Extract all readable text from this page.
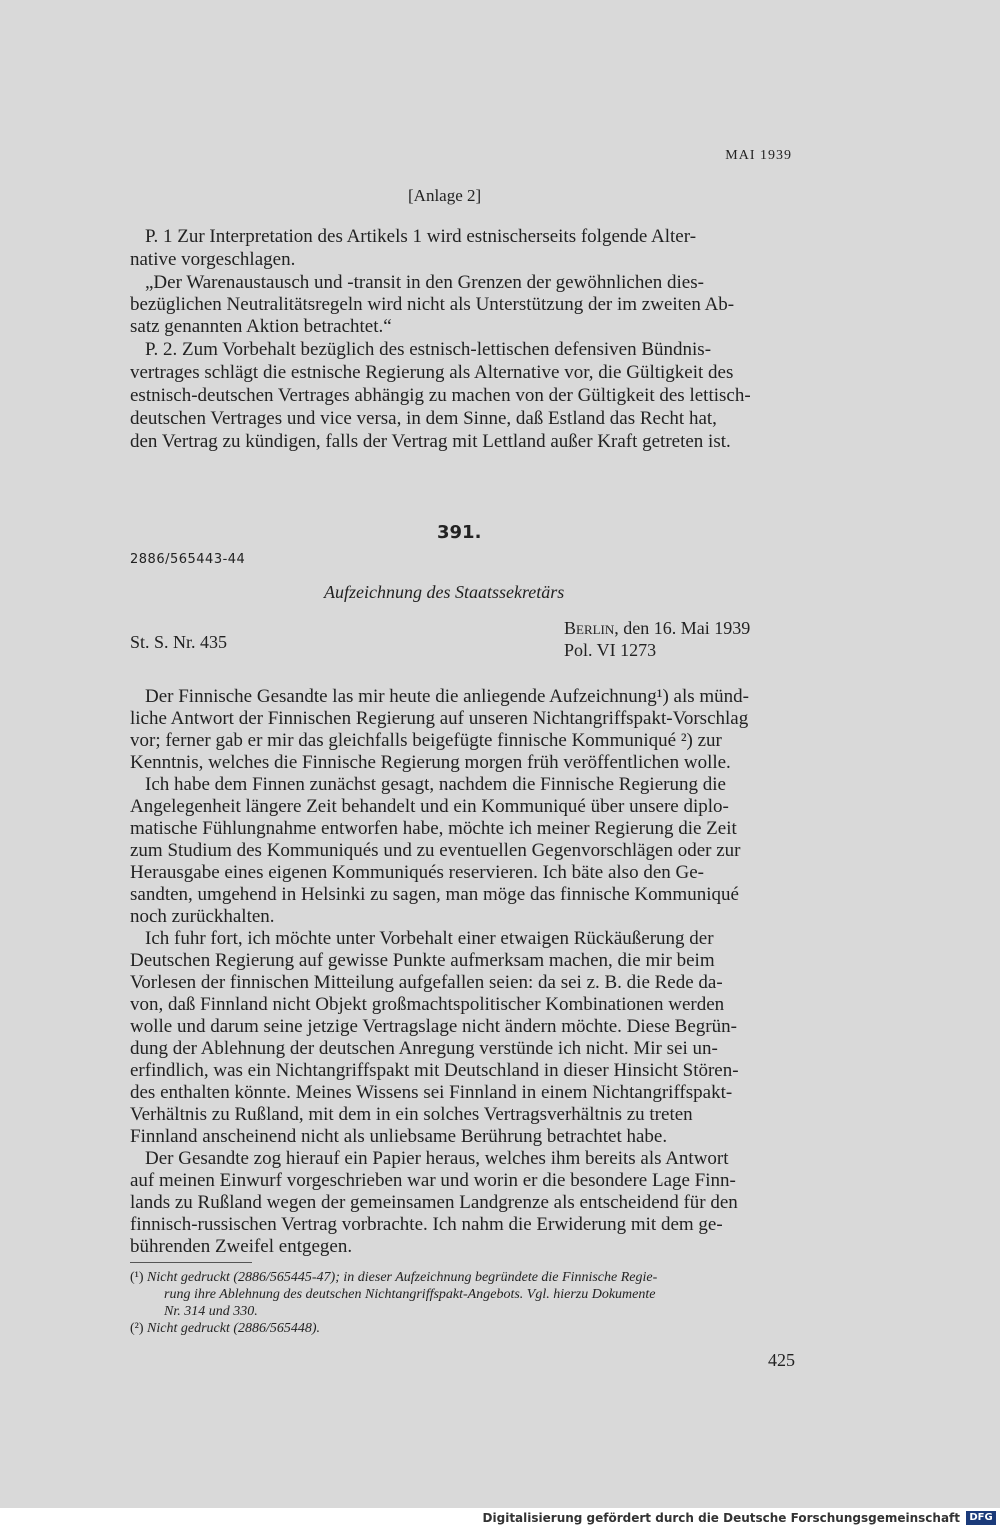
MAI 1939
[Anlage 2]
P. 1 Zur Interpretation des Artikels 1 wird estnischerseits folgende Alter-
native vorgeschlagen.
„Der Warenaustausch und -transit in den Grenzen der gewöhnlichen dies-
bezüglichen Neutralitätsregeln wird nicht als Unterstützung der im zweiten Ab-
satz genannten Aktion betrachtet.“
P. 2. Zum Vorbehalt bezüglich des estnisch-lettischen defensiven Bündnis-
vertrages schlägt die estnische Regierung als Alternative vor, die Gültigkeit des
estnisch-deutschen Vertrages abhängig zu machen von der Gültigkeit des lettisch-
deutschen Vertrages und vice versa, in dem Sinne, daß Estland das Recht hat,
den Vertrag zu kündigen, falls der Vertrag mit Lettland außer Kraft getreten ist.
391.
2886/565443-44
Aufzeichnung des Staatssekretärs
St. S. Nr. 435
Berlin, den 16. Mai 1939
Pol. VI 1273
Der Finnische Gesandte las mir heute die anliegende Aufzeichnung¹) als münd-
liche Antwort der Finnischen Regierung auf unseren Nichtangriffspakt-Vorschlag
vor; ferner gab er mir das gleichfalls beigefügte finnische Kommuniqué ²) zur
Kenntnis, welches die Finnische Regierung morgen früh veröffentlichen wolle.
Ich habe dem Finnen zunächst gesagt, nachdem die Finnische Regierung die
Angelegenheit längere Zeit behandelt und ein Kommuniqué über unsere diplo-
matische Fühlungnahme entworfen habe, möchte ich meiner Regierung die Zeit
zum Studium des Kommuniqués und zu eventuellen Gegenvorschlägen oder zur
Herausgabe eines eigenen Kommuniqués reservieren. Ich bäte also den Ge-
sandten, umgehend in Helsinki zu sagen, man möge das finnische Kommuniqué
noch zurückhalten.
Ich fuhr fort, ich möchte unter Vorbehalt einer etwaigen Rückäußerung der
Deutschen Regierung auf gewisse Punkte aufmerksam machen, die mir beim
Vorlesen der finnischen Mitteilung aufgefallen seien: da sei z. B. die Rede da-
von, daß Finnland nicht Objekt großmachtspolitischer Kombinationen werden
wolle und darum seine jetzige Vertragslage nicht ändern möchte. Diese Begrün-
dung der Ablehnung der deutschen Anregung verstünde ich nicht. Mir sei un-
erfindlich, was ein Nichtangriffspakt mit Deutschland in dieser Hinsicht Stören-
des enthalten könnte. Meines Wissens sei Finnland in einem Nichtangriffspakt-
Verhältnis zu Rußland, mit dem in ein solches Vertragsverhältnis zu treten
Finnland anscheinend nicht als unliebsame Berührung betrachtet habe.
Der Gesandte zog hierauf ein Papier heraus, welches ihm bereits als Antwort
auf meinen Einwurf vorgeschrieben war und worin er die besondere Lage Finn-
lands zu Rußland wegen der gemeinsamen Landgrenze als entscheidend für den
finnisch-russischen Vertrag vorbrachte. Ich nahm die Erwiderung mit dem ge-
bührenden Zweifel entgegen.
(¹) Nicht gedruckt (2886/565445-47); in dieser Aufzeichnung begründete die Finnische Regie-
rung ihre Ablehnung des deutschen Nichtangriffspakt-Angebots. Vgl. hierzu Dokumente
Nr. 314 und 330.
(²) Nicht gedruckt (2886/565448).
425
Digitalisierung gefördert durch die Deutsche Forschungsgemeinschaft DFG
